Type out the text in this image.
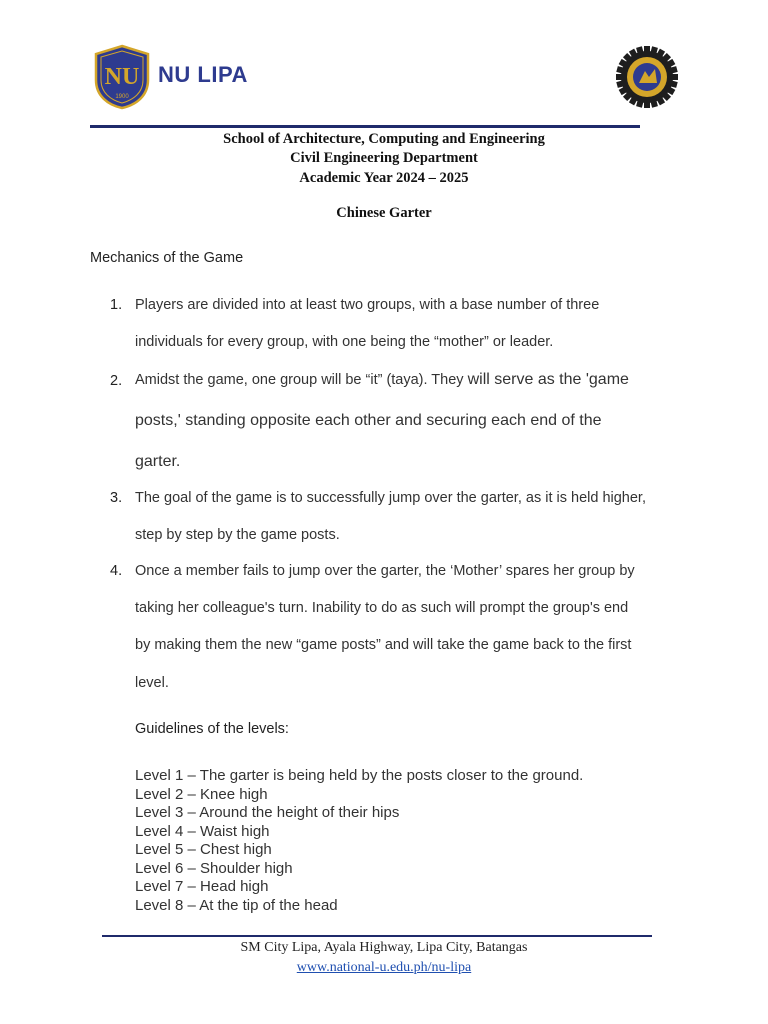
NU
1900
NU LIPA
School of Architecture, Computing and Engineering
Civil Engineering Department
Academic Year 2024 – 2025
Chinese Garter
Mechanics of the Game
1. Players are divided into at least two groups, with a base number of three
individuals for every group, with one being the “mother” or leader.
2. Amidst the game, one group will be “it” (taya). They will serve as the 'game
posts,' standing opposite each other and securing each end of the
garter.
3. The goal of the game is to successfully jump over the garter, as it is held higher,
step by step by the game posts.
4. Once a member fails to jump over the garter, the ‘Mother’ spares her group by
taking her colleague's turn. Inability to do as such will prompt the group's end
by making them the new “game posts” and will take the game back to the first
level.
Guidelines of the levels:
Level 1 – The garter is being held by the posts closer to the ground.
Level 2 – Knee high
Level 3 – Around the height of their hips
Level 4 – Waist high
Level 5 – Chest high
Level 6 – Shoulder high
Level 7 – Head high
Level 8 – At the tip of the head
SM City Lipa, Ayala Highway, Lipa City, Batangas
www.national-u.edu.ph/nu-lipa
